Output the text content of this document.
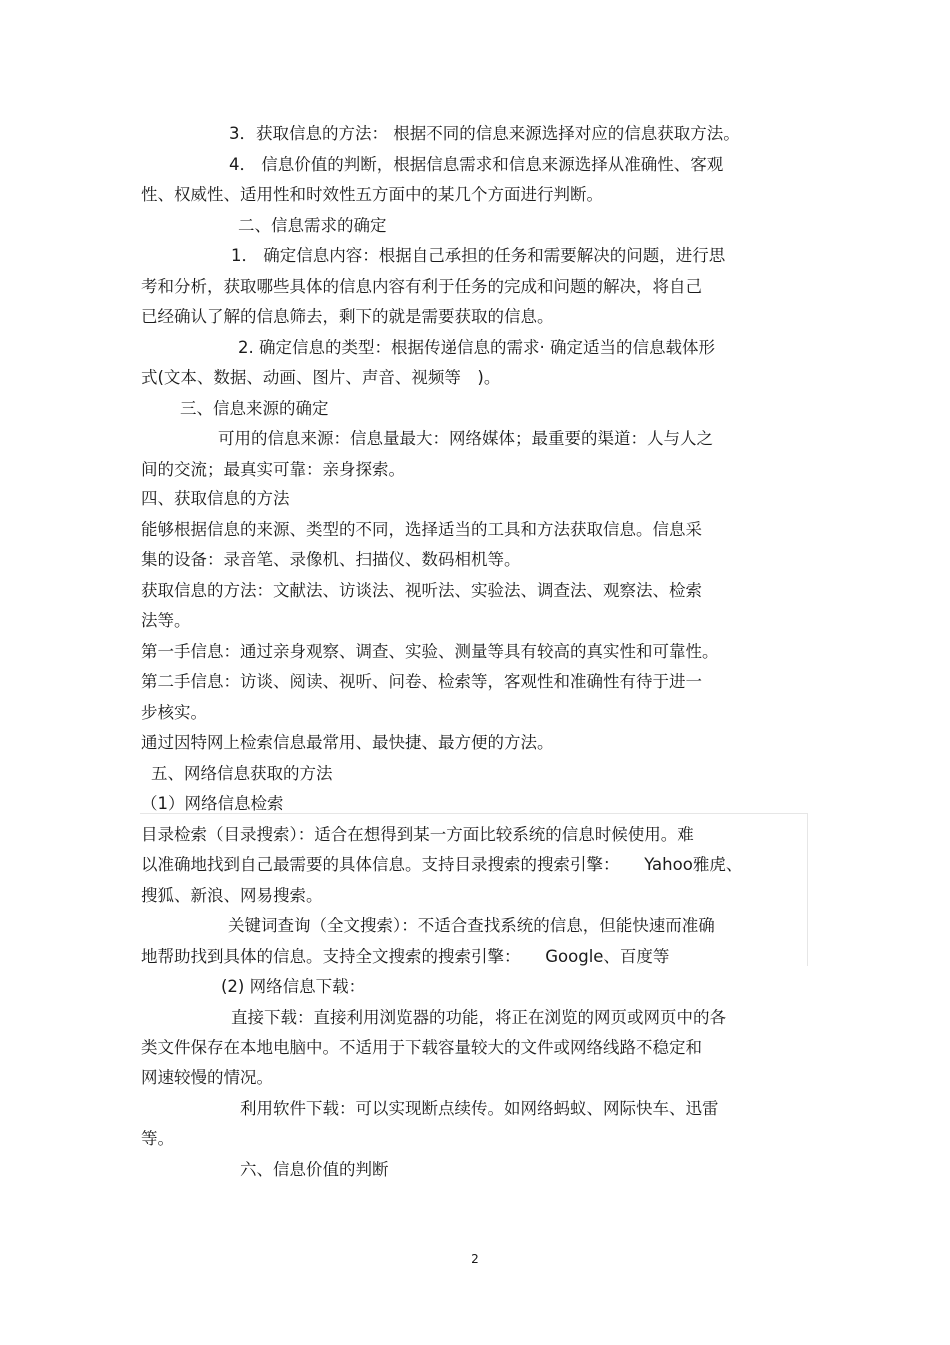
3．获取信息的方法： 根据不同的信息来源选择对应的信息获取方法。
4． 信息价值的判断，根据信息需求和信息来源选择从准确性、客观
性、权威性、适用性和时效性五方面中的某几个方面进行判断。
二、信息需求的确定
1． 确定信息内容：根据自己承担的任务和需要解决的问题，进行思
考和分析，获取哪些具体的信息内容有利于任务的完成和问题的解决，将自己
已经确认了解的信息筛去，剩下的就是需要获取的信息。
2. 确定信息的类型：根据传递信息的需求· 确定适当的信息载体形
式(文本、数据、动画、图片、声音、视频等　)。
三、信息来源的确定
可用的信息来源：信息量最大：网络媒体；最重要的渠道：人与人之
间的交流；最真实可靠：亲身探索。
四、获取信息的方法
能够根据信息的来源、类型的不同，选择适当的工具和方法获取信息。信息采
集的设备：录音笔、录像机、扫描仪、数码相机等。
获取信息的方法：文献法、访谈法、视听法、实验法、调查法、观察法、检索
法等。
第一手信息：通过亲身观察、调查、实验、测量等具有较高的真实性和可靠性。
第二手信息：访谈、阅读、视听、问卷、检索等，客观性和准确性有待于进一
步核实。
通过因特网上检索信息最常用、最快捷、最方便的方法。
五、网络信息获取的方法
（1）网络信息检索
目录检索（目录搜索）：适合在想得到某一方面比较系统的信息时候使用。难
以准确地找到自己最需要的具体信息。支持目录搜索的搜索引擎：　　Yahoo雅虎、
搜狐、新浪、网易搜索。
关键词查询（全文搜索）：不适合查找系统的信息，但能快速而准确
地帮助找到具体的信息。支持全文搜索的搜索引擎：　　Google、百度等
(2) 网络信息下载：
直接下载：直接利用浏览器的功能，将正在浏览的网页或网页中的各
类文件保存在本地电脑中。不适用于下载容量较大的文件或网络线路不稳定和
网速较慢的情况。
利用软件下载：可以实现断点续传。如网络蚂蚁、网际快车、迅雷
等。
六、信息价值的判断
2
